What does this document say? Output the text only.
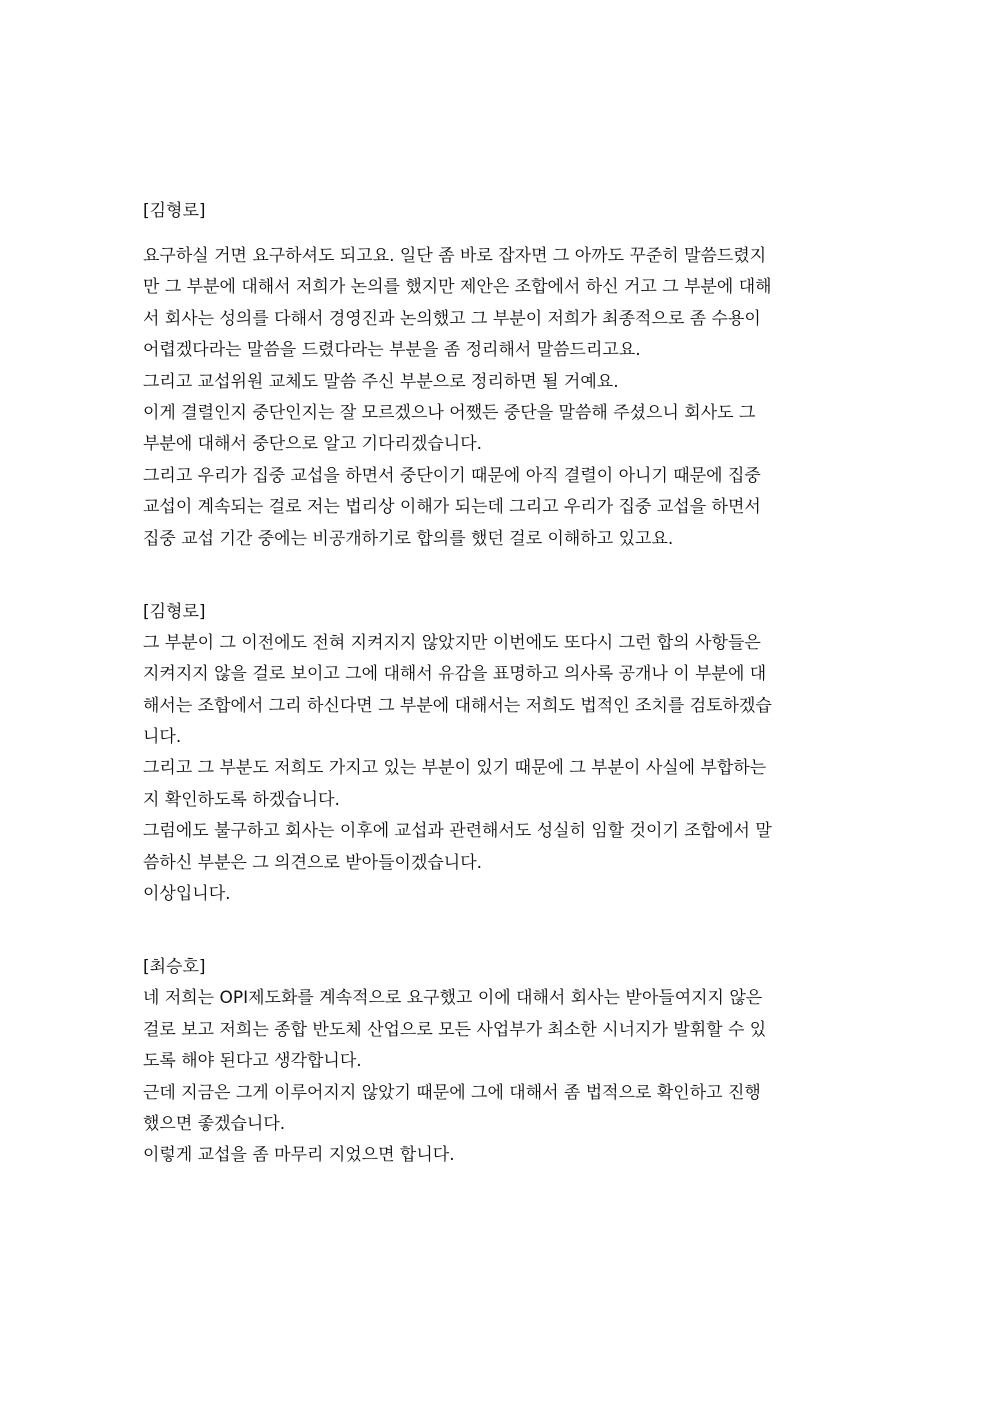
[김형로]
요구하실 거면 요구하셔도 되고요. 일단 좀 바로 잡자면 그 아까도 꾸준히 말씀드렸지
만 그 부분에 대해서 저희가 논의를 했지만 제안은 조합에서 하신 거고 그 부분에 대해
서 회사는 성의를 다해서 경영진과 논의했고 그 부분이 저희가 최종적으로 좀 수용이
어렵겠다라는 말씀을 드렸다라는 부분을 좀 정리해서 말씀드리고요.
그리고 교섭위원 교체도 말씀 주신 부분으로 정리하면 될 거예요.
이게 결렬인지 중단인지는 잘 모르겠으나 어쨌든 중단을 말씀해 주셨으니 회사도 그
부분에 대해서 중단으로 알고 기다리겠습니다.
그리고 우리가 집중 교섭을 하면서 중단이기 때문에 아직 결렬이 아니기 때문에 집중
교섭이 계속되는 걸로 저는 법리상 이해가 되는데 그리고 우리가 집중 교섭을 하면서
집중 교섭 기간 중에는 비공개하기로 합의를 했던 걸로 이해하고 있고요.
[김형로]
그 부분이 그 이전에도 전혀 지켜지지 않았지만 이번에도 또다시 그런 합의 사항들은
지켜지지 않을 걸로 보이고 그에 대해서 유감을 표명하고 의사록 공개나 이 부분에 대
해서는 조합에서 그리 하신다면 그 부분에 대해서는 저희도 법적인 조치를 검토하겠습
니다.
그리고 그 부분도 저희도 가지고 있는 부분이 있기 때문에 그 부분이 사실에 부합하는
지 확인하도록 하겠습니다.
그럼에도 불구하고 회사는 이후에 교섭과 관련해서도 성실히 임할 것이기 조합에서 말
씀하신 부분은 그 의견으로 받아들이겠습니다.
이상입니다.
[최승호]
네 저희는 OPI제도화를 계속적으로 요구했고 이에 대해서 회사는 받아들여지지 않은
걸로 보고 저희는 종합 반도체 산업으로 모든 사업부가 최소한 시너지가 발휘할 수 있
도록 해야 된다고 생각합니다.
근데 지금은 그게 이루어지지 않았기 때문에 그에 대해서 좀 법적으로 확인하고 진행
했으면 좋겠습니다.
이렇게 교섭을 좀 마무리 지었으면 합니다.
